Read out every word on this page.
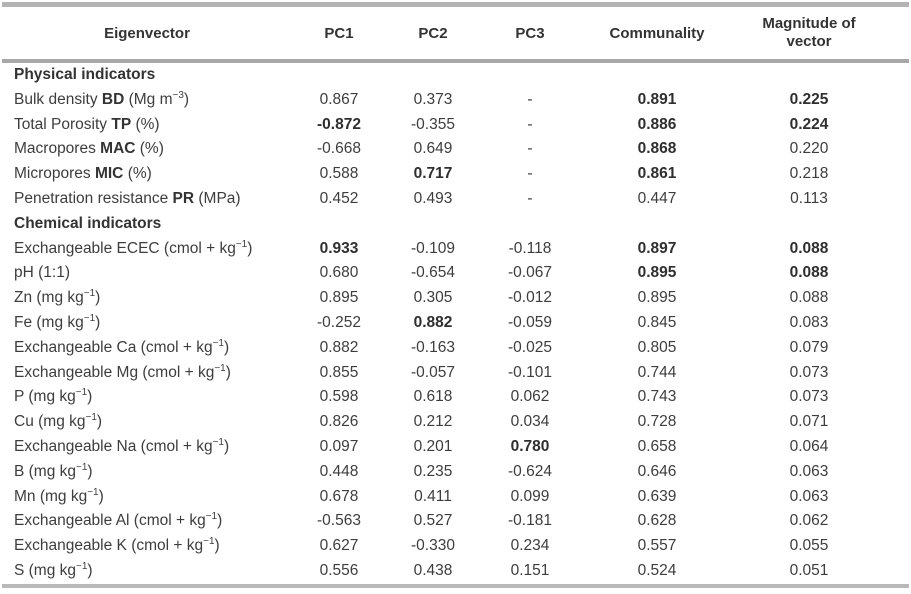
Eigenvector	PC1	PC2	PC3	Communality	Magnitude of vector

Physical indicators					
Bulk density BD (Mg $m^{-3}$)	0.867	0.373	-	0.891	0.225
Total Porosity TP (%)	-0.872	-0.355	-	0.886	0.224
Macropores MAC (%)	-0.668	0.649	-	0.868	0.220
Micropores MIC (%)	0.588	0.717	-	0.861	0.218
Penetration resistance PR (MPa)	0.452	0.493	-	0.447	0.113
Chemical indicators					
Exchangeable ECEC (cmol + $kg^{-1}$)	0.933	-0.109	-0.118	0.897	0.088
pH (1:1)	0.680	-0.654	-0.067	0.895	0.088
Zn (mg $kg^{-1}$)	0.895	0.305	-0.012	0.895	0.088
Fe (mg $kg^{-1}$)	-0.252	0.882	-0.059	0.845	0.083
Exchangeable Ca (cmol + $kg^{-1}$)	0.882	-0.163	-0.025	0.805	0.079
Exchangeable Mg (cmol + $kg^{-1}$)	0.855	-0.057	-0.101	0.744	0.073
P (mg $kg^{-1}$)	0.598	0.618	0.062	0.743	0.073
Cu (mg $kg^{-1}$)	0.826	0.212	0.034	0.728	0.071
Exchangeable Na (cmol + $kg^{-1}$)	0.097	0.201	0.780	0.658	0.064
B (mg $kg^{-1}$)	0.448	0.235	-0.624	0.646	0.063
Mn (mg $kg^{-1}$)	0.678	0.411	0.099	0.639	0.063
Exchangeable Al (cmol + $kg^{-1}$)	-0.563	0.527	-0.181	0.628	0.062
Exchangeable K (cmol + $kg^{-1}$)	0.627	-0.330	0.234	0.557	0.055
S (mg $kg^{-1}$)	0.556	0.438	0.151	0.524	0.051
